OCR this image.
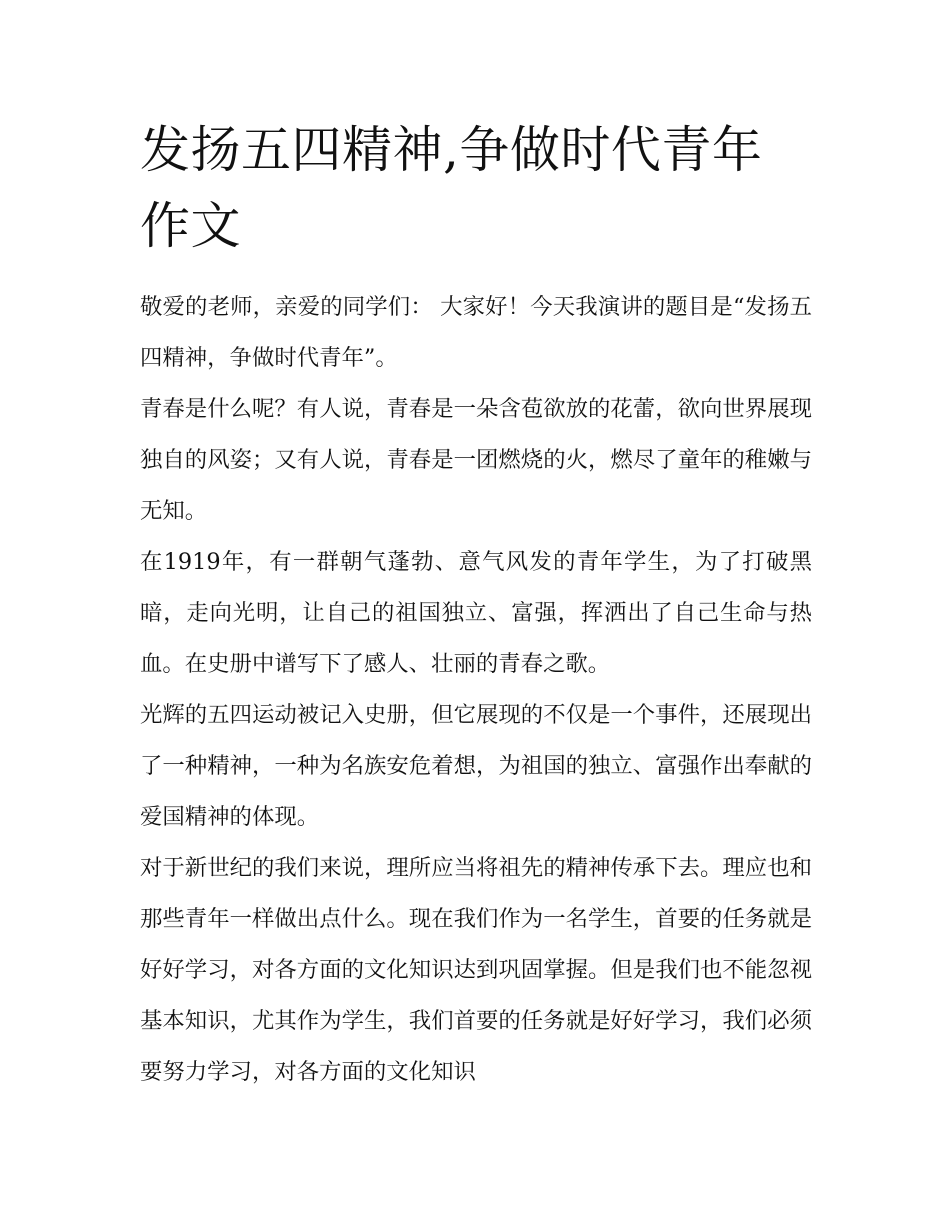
发扬五四精神,争做时代青年作文

敬爱的老师，亲爱的同学们： 大家好！今天我演讲的题目是“发扬五四精神，争做时代青年”。

青春是什么呢？有人说，青春是一朵含苞欲放的花蕾，欲向世界展现独自的风姿；又有人说，青春是一团燃烧的火，燃尽了童年的稚嫩与无知。

在1919年，有一群朝气蓬勃、意气风发的青年学生，为了打破黑暗，走向光明，让自己的祖国独立、富强，挥洒出了自己生命与热血。在史册中谱写下了感人、壮丽的青春之歌。

光辉的五四运动被记入史册，但它展现的不仅是一个事件，还展现出了一种精神，一种为名族安危着想，为祖国的独立、富强作出奉献的爱国精神的体现。

对于新世纪的我们来说，理所应当将祖先的精神传承下去。理应也和那些青年一样做出点什么。现在我们作为一名学生，首要的任务就是好好学习，对各方面的文化知识达到巩固掌握。但是我们也不能忽视基本知识，尤其作为学生，我们首要的任务就是好好学习，我们必须要努力学习，对各方面的文化知识
